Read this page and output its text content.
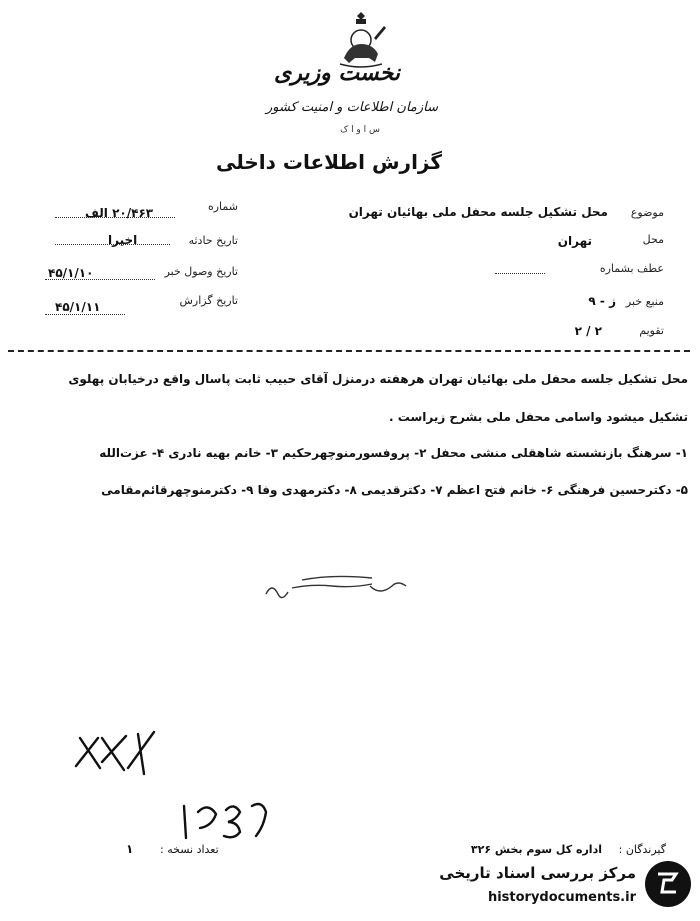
نخست وزیری
سازمان اطلاعات و امنیت کشور
س ا و ا ک
گزارش اطلاعات داخلی
موضوع
محل تشکیل جلسه محفل ملی بهائیان تهران
محل
تهران
عطف بشماره
منبع خبر
ز - ۹
تقویم
۲ / ۲
شماره
۲۰/۴۶۳ الف
تاریخ حادثه
اخیرا
تاریخ وصول خبر
۴۵/۱/۱۰
تاریخ گزارش
۴۵/۱/۱۱
محل تشکیل جلسه محفل ملی بهائیان تهران هرهفته درمنزل آقای حبیب ثابت پاسال واقع درخیابان پهلوی
تشکیل میشود واسامی محفل ملی بشرح زیراست .
۱- سرهنگ بازنشسته شاهقلی منشی محفل ۲- پروفسورمنوچهرحکیم ۳- خانم بهیه نادری ۴- عزت‌الله
۵- دکترحسین فرهنگی ۶- خانم فتح اعظم ۷- دکترقدیمی ۸- دکترمهدی وفا ۹- دکترمنوچهرقائم‌مقامی
گیرندگان :
اداره کل سوم بخش ۳۲۶
تعداد نسخه :
۱
مرکز بررسی اسناد تاریخی
historydocuments.ir
